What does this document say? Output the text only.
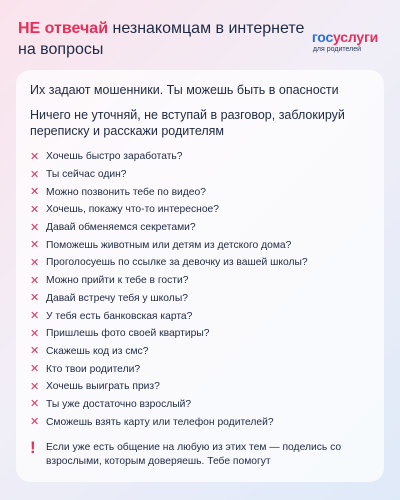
НЕ отвечай незнакомцам в интернете на вопросы
госуслуги
для родителей

Их задают мошенники. Ты можешь быть в опасности

Ничего не уточняй, не вступай в разговор, заблокируй переписку и расскажи родителям

✕ Хочешь быстро заработать?
✕ Ты сейчас один?
✕ Можно позвонить тебе по видео?
✕ Хочешь, покажу что-то интересное?
✕ Давай обменяемся секретами?
✕ Поможешь животным или детям из детского дома?
✕ Проголосуешь по ссылке за девочку из вашей школы?
✕ Можно прийти к тебе в гости?
✕ Давай встречу тебя у школы?
✕ У тебя есть банковская карта?
✕ Пришлешь фото своей квартиры?
✕ Скажешь код из смс?
✕ Кто твои родители?
✕ Хочешь выиграть приз?
✕ Ты уже достаточно взрослый?
✕ Сможешь взять карту или телефон родителей?
!	Если уже есть общение на любую из этих тем — поделись со взрослыми, которым доверяешь. Тебе помогут
